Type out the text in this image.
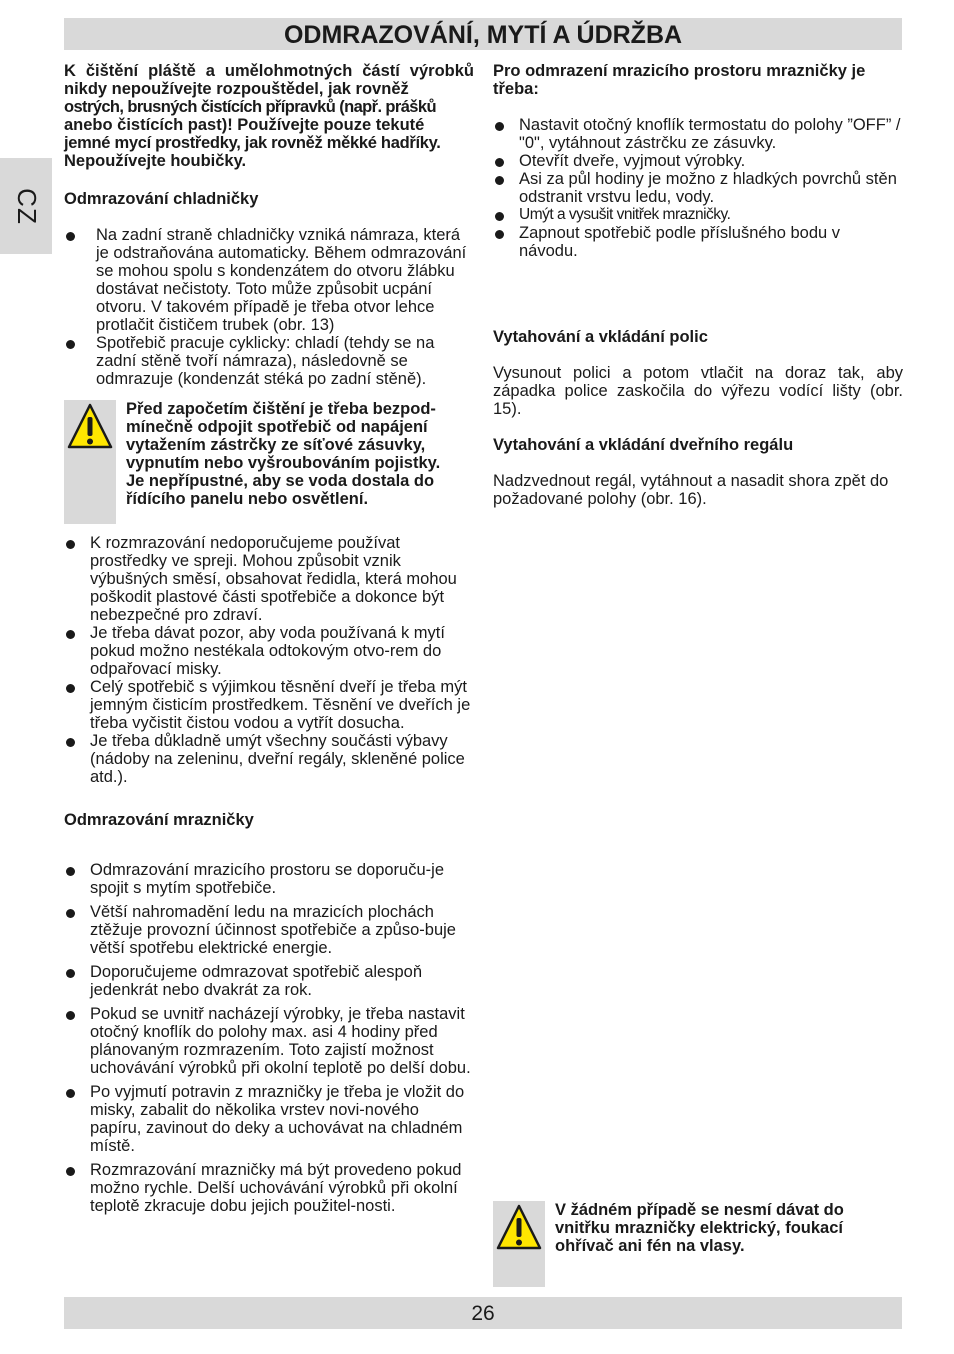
CZ
ODMRAZOVÁNÍ, MYTÍ A ÚDRŽBA

K čištění pláště a umělohmotných částí výrobků nikdy nepoužívejte rozpouštědel, jak rovněž

ostrých, brusných čistících přípravků (např. prášků

anebo čistících past)! Používejte pouze tekuté

jemné mycí prostředky, jak rovněž měkké hadříky.

Nepoužívejte houbičky.

Odmrazování chladničky

Na zadní straně chladničky vzniká námraza, která je odstraňována automaticky. Během odmrazování se mohou spolu s kondenzátem do otvoru žlábku dostávat nečistoty. Toto může způsobit ucpání otvoru. V takovém případě je třeba otvor lehce protlačit čističem trubek (obr. 13)
Spotřebič pracuje cyklicky: chladí (tehdy se na zadní stěně tvoří námraza), následovně se odmrazuje (kondenzát stéká po zadní stěně).

Před započetím čištění je třeba bezpod-

mínečně odpojit spotřebič od napájení

vytažením zástrčky ze síťové zásuvky,

vypnutím nebo vyšroubováním pojistky.

Je nepřípustné, aby se voda dostala do

řídícího panelu nebo osvětlení.

K rozmrazování nedoporučujeme používat prostředky ve spreji. Mohou způsobit vznik výbušných směsí, obsahovat ředidla, která mohou poškodit plastové části spotřebiče a dokonce být nebezpečné pro zdraví.
Je třeba dávat pozor, aby voda používaná k mytí pokud možno nestékala odtokovým otvo-rem do odpařovací misky.
Celý spotřebič s výjimkou těsnění dveří je třeba mýt jemným čisticím prostředkem. Těsnění ve dveřích je třeba vyčistit čistou vodou a vytřít dosucha.
Je třeba důkladně umýt všechny součásti výbavy (nádoby na zeleninu, dveřní regály, skleněné police atd.).

Odmrazování mrazničky

Odmrazování mrazicího prostoru se doporuču-je spojit s mytím spotřebiče.
Větší nahromadění ledu na mrazicích plochách ztěžuje provozní účinnost spotřebiče a způso-buje větší spotřebu elektrické energie.
Doporučujeme odmrazovat spotřebič alespoň jedenkrát nebo dvakrát za rok.
Pokud se uvnitř nacházejí výrobky, je třeba nastavit otočný knoflík do polohy max. asi 4 hodiny před plánovaným rozmrazením. Toto zajistí možnost uchovávání výrobků při okolní teplotě po delší dobu.
Po vyjmutí potravin z mrazničky je třeba je vložit do misky, zabalit do několika vrstev novi-nového papíru, zavinout do deky a uchovávat na chladném místě.
Rozmrazování mrazničky má být provedeno pokud možno rychle. Delší uchovávání výrobků při okolní teplotě zkracuje dobu jejich použitel-nosti.

Pro odmrazení mrazicího prostoru mrazničky je třeba:

Nastavit otočný knoflík termostatu do polohy ”OFF” / "0", vytáhnout zástrčku ze zásuvky.
Otevřít dveře, vyjmout výrobky.
Asi za půl hodiny je možno z hladkých povrchů stěn odstranit vrstvu ledu, vody.
Umýt a vysušit vnitřek mrazničky.
Zapnout spotřebič podle příslušného bodu v návodu.

Vytahování a vkládání polic

Vysunout polici a potom vtlačit na doraz tak, aby západka police zaskočila do výřezu vodící lišty (obr. 15).

Vytahování a vkládání dveřního regálu

Nadzvednout regál, vytáhnout a nasadit shora zpět do požadované polohy (obr. 16).

V žádném případě se nesmí dávat do

vnitřku mrazničky elektrický, foukací

ohřívač ani fén na vlasy.

26
